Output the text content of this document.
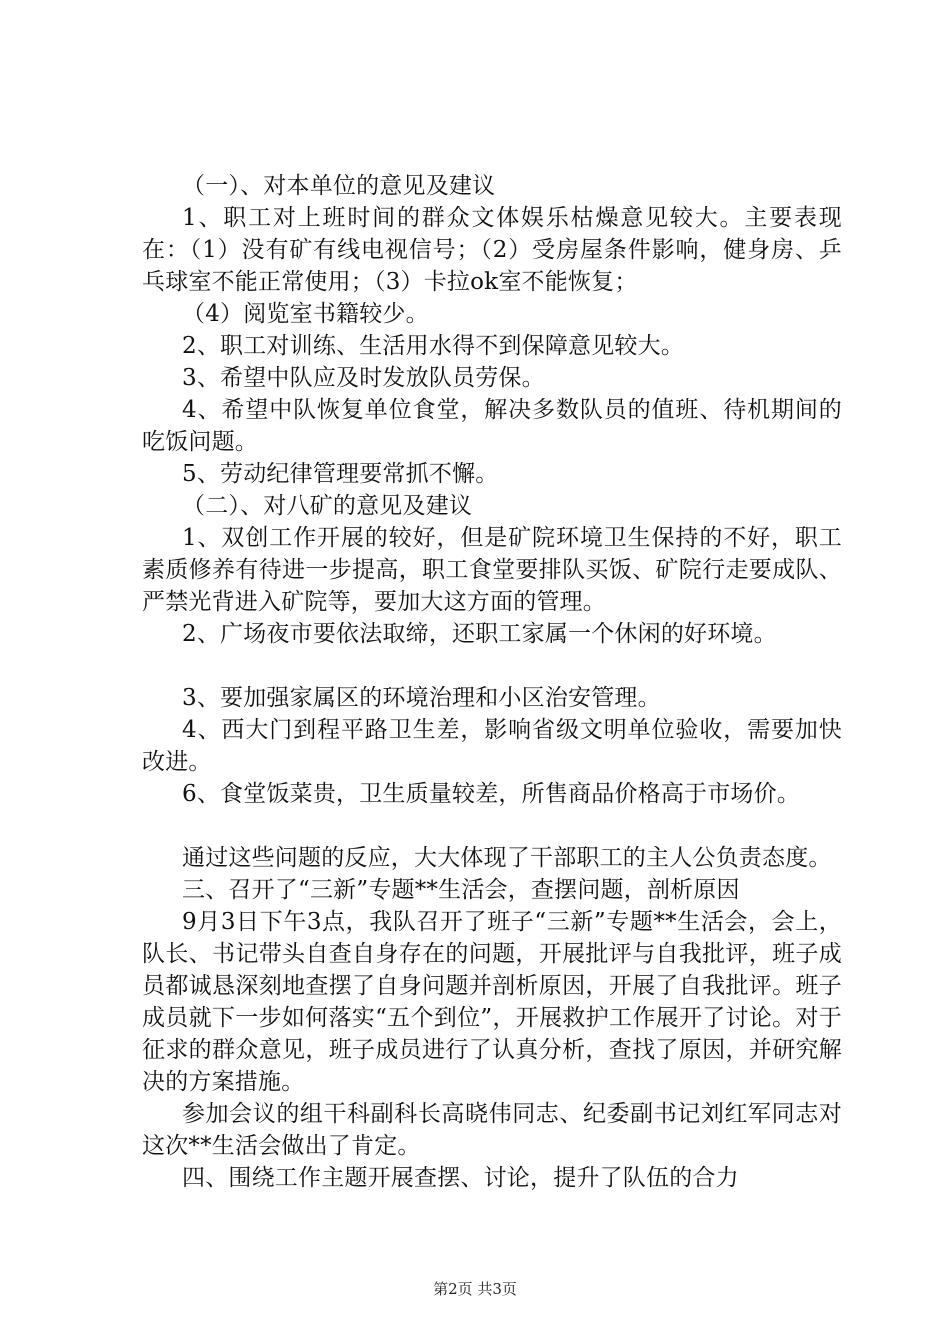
（一）、对本单位的意见及建议

1、职工对上班时间的群众文体娱乐枯燥意见较大。主要表现在：（1）没有矿有线电视信号；（2）受房屋条件影响，健身房、乒乓球室不能正常使用；（3）卡拉ok室不能恢复；

（4）阅览室书籍较少。

2、职工对训练、生活用水得不到保障意见较大。

3、希望中队应及时发放队员劳保。

4、希望中队恢复单位食堂，解决多数队员的值班、待机期间的吃饭问题。

5、劳动纪律管理要常抓不懈。

（二）、对八矿的意见及建议

1、双创工作开展的较好，但是矿院环境卫生保持的不好，职工素质修养有待进一步提高，职工食堂要排队买饭、矿院行走要成队、严禁光背进入矿院等，要加大这方面的管理。

2、广场夜市要依法取缔，还职工家属一个休闲的好环境。

3、要加强家属区的环境治理和小区治安管理。

4、西大门到程平路卫生差，影响省级文明单位验收，需要加快改进。

6、食堂饭菜贵，卫生质量较差，所售商品价格高于市场价。

通过这些问题的反应，大大体现了干部职工的主人公负责态度。

三、召开了“三新”专题**生活会，查摆问题，剖析原因

9月3日下午3点，我队召开了班子“三新”专题**生活会，会上，队长、书记带头自查自身存在的问题，开展批评与自我批评，班子成员都诚恳深刻地查摆了自身问题并剖析原因，开展了自我批评。班子成员就下一步如何落实“五个到位”，开展救护工作展开了讨论。对于征求的群众意见，班子成员进行了认真分析，查找了原因，并研究解决的方案措施。

参加会议的组干科副科长高晓伟同志、纪委副书记刘红军同志对这次**生活会做出了肯定。

四、围绕工作主题开展查摆、讨论，提升了队伍的合力

第2页 共3页
